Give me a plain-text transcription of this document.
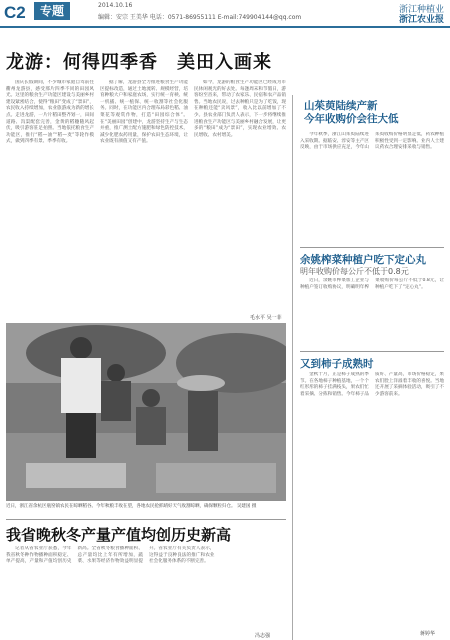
C2	专题	2014.10.16
编辑：安宗 王美华 电话：0571-86955111 E-mail:749904144@qq.com
浙江种植业
浙江农业报
龙游：何得四季香　美田入画来

国庆长假期间，不少城市家庭自驾前往衢州龙游县，感受那片四季不同的田园风光。这里的粮食生产功能区建设与美丽乡村建设紧密结合，使得“粮田”变成了“景田”，农民收入持续增加，农业旅游成为新的增长点。走进龙游，一片片稻田整齐划一，田间道路、沟渠配套完善，金黄的稻穗随风起伏，吸引游客驻足拍照。当地依托粮食生产功能区，推行“稻—油”“稻—麦”等轮作模式，做到四季有景、季季有收。

据了解，龙游县全力推进粮食生产功能区提标改造，通过土地流转、规模经营，培育种粮大户和家庭农场，实行统一育秧、统一机插、统一植保、统一收割等社会化服务。同时，在功能区内合理布局彩色稻、油菜花等观赏作物，打造“田园综合体”。在“美丽田园”创建中，龙游坚持生产与生态并重，推广测土配方施肥和绿色防控技术，减少化肥农药用量，保护农田生态环境，让农业既有颜值又有产值。

如今，龙游的粮食生产功能区已经成为市民休闲观光的好去处。每逢周末和节假日，游客纷至沓来，带动了农家乐、民宿和农产品销售。当地农民说，过去种粮只是为了吃饭，现在种粮还能“卖风景”，收入比以前增加了不少。县农业部门负责人表示，下一步将继续推进粮食生产功能区与美丽乡村融合发展，让更多的“粮田”成为“景田”，实现农业增效、农民增收、农村增美。

毛水平 吴一菲
近日，浙江省余杭区瓶窑镇农民在晾晒稻谷。今年秋粮丰收在望，各地农民抢抓晴好天气收割晾晒，确保颗粒归仓。 吴建国 摄
我省晚秋冬产量产值均创历史新高

记者从省农业厅获悉，今年我省秋冬种作物播种面积稳定、单产提高，产量和产值均创历史新高。全省秋冬粮食播种面积、总产量均比上年有所增加，蔬菜、水果等经济作物效益明显提升。省农业厅有关负责人表示，这得益于良种良法的推广和农业社会化服务体系的不断完善。

冯志强
山茱萸陆续产新
今年收购价会往大低

今年秋季，浙江山茱萸陆续进入采收期。据临安、淳安等主产区反映，由于市场供应充足，今年山茱萸收购价格明显走低，药农种植积极性受到一定影响。业内人士建议药农合理安排采收与销售。

余姚榨菜种植户吃下定心丸
明年收购价每公斤不低于0.8元

近日，余姚市榨菜加工企业与种植户签订收购协议，明确明年榨菜收购价每公斤不低于0.8元，让种植户吃下了“定心丸”。

又到柿子成熟时

金秋十月，正是柿子成熟的季节。在各地柿子种植基地，一个个红彤彤的柿子挂满枝头，果农们忙着采摘、分拣和销售。今年柿子品质好、产量高，市场价格稳定，果农们脸上洋溢着丰收的喜悦。当地还开展了采摘体验活动，吸引了不少游客前来。

蒋婷华
